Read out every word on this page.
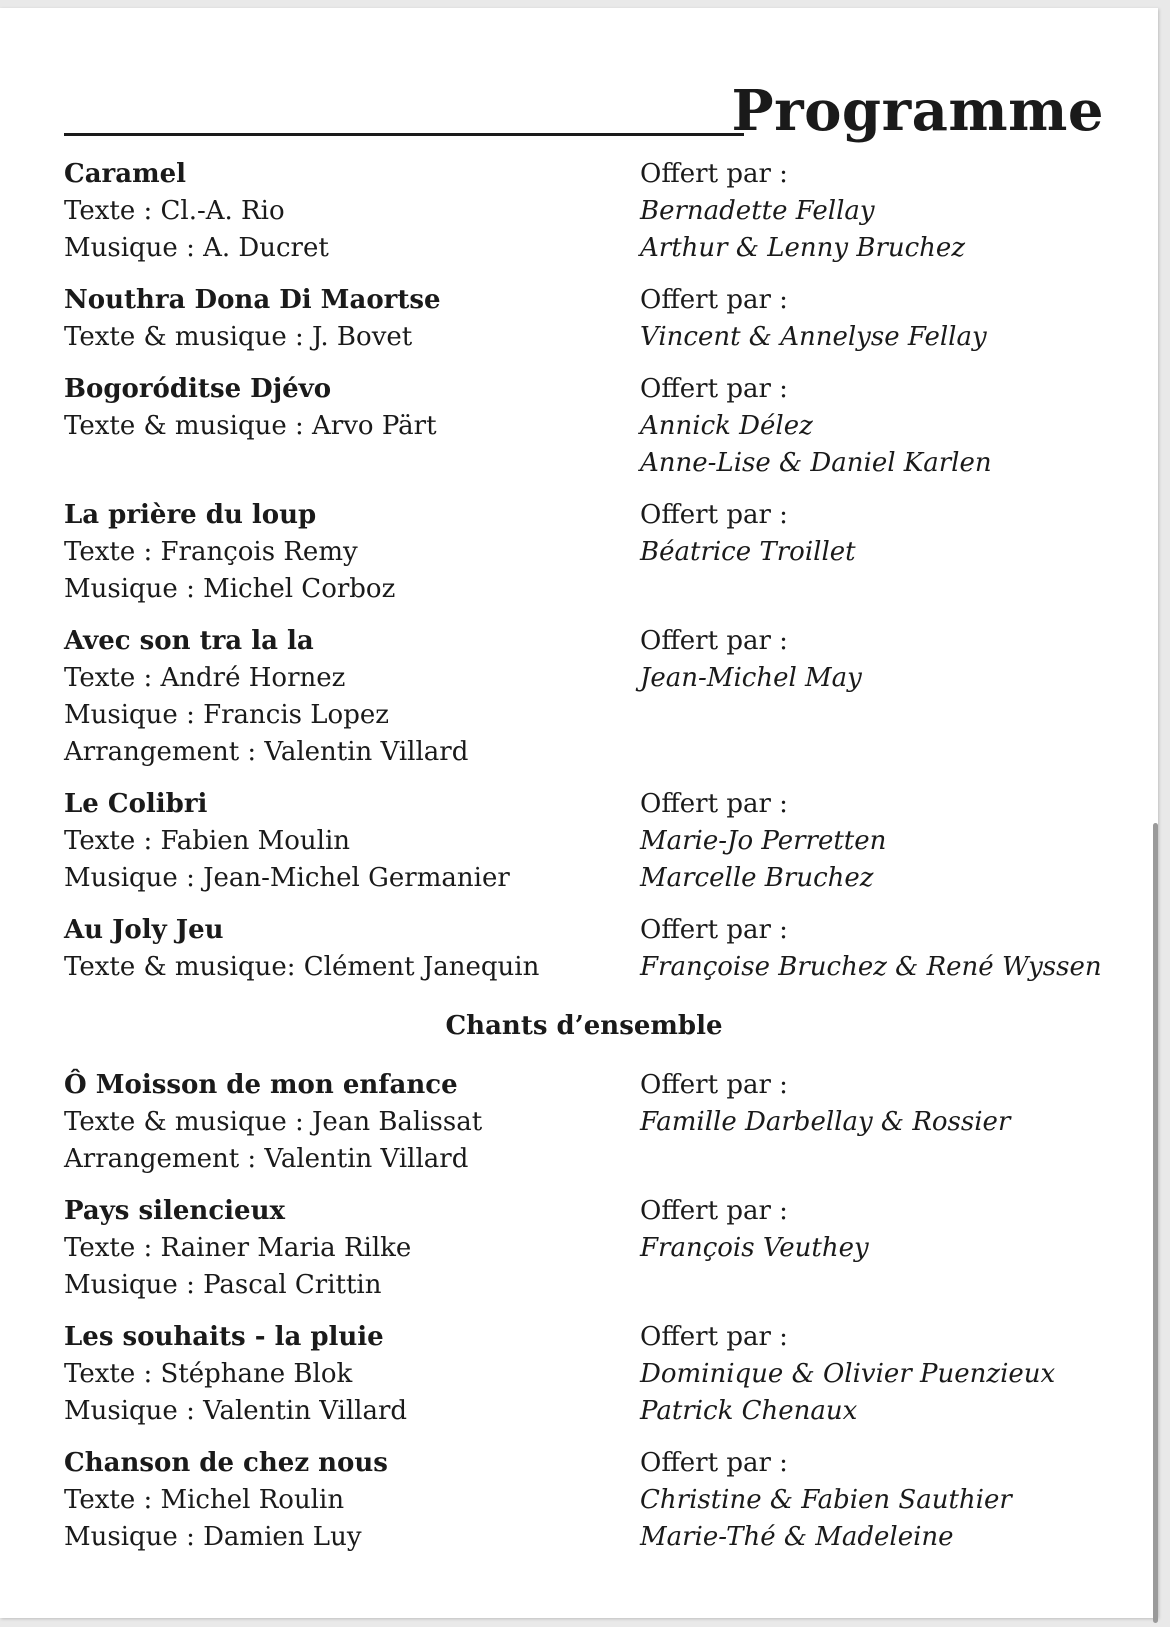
Programme
Caramel
Texte : Cl.-A. Rio
Musique : A. Ducret
Offert par :
Bernadette Fellay
Arthur & Lenny Bruchez
Nouthra Dona Di Maortse
Texte & musique : J. Bovet
Offert par :
Vincent & Annelyse Fellay
Bogoróditse Djévo
Texte & musique : Arvo Pärt
Offert par :
Annick Délez
Anne-Lise & Daniel Karlen
La prière du loup
Texte : François Remy
Musique : Michel Corboz
Offert par :
Béatrice Troillet
Avec son tra la la
Texte : André Hornez
Musique : Francis Lopez
Arrangement : Valentin Villard
Offert par :
Jean-Michel May
Le Colibri
Texte : Fabien Moulin
Musique : Jean-Michel Germanier
Offert par :
Marie-Jo Perretten
Marcelle Bruchez
Au Joly Jeu
Texte & musique: Clément Janequin
Offert par :
Françoise Bruchez & René Wyssen
Chants d’ensemble
Ô Moisson de mon enfance
Texte & musique : Jean Balissat
Arrangement : Valentin Villard
Offert par :
Famille Darbellay & Rossier
Pays silencieux
Texte : Rainer Maria Rilke
Musique : Pascal Crittin
Offert par :
François Veuthey
Les souhaits - la pluie
Texte : Stéphane Blok
Musique : Valentin Villard
Offert par :
Dominique & Olivier Puenzieux
Patrick Chenaux
Chanson de chez nous
Texte : Michel Roulin
Musique : Damien Luy
Offert par :
Christine & Fabien Sauthier
Marie-Thé & Madeleine
